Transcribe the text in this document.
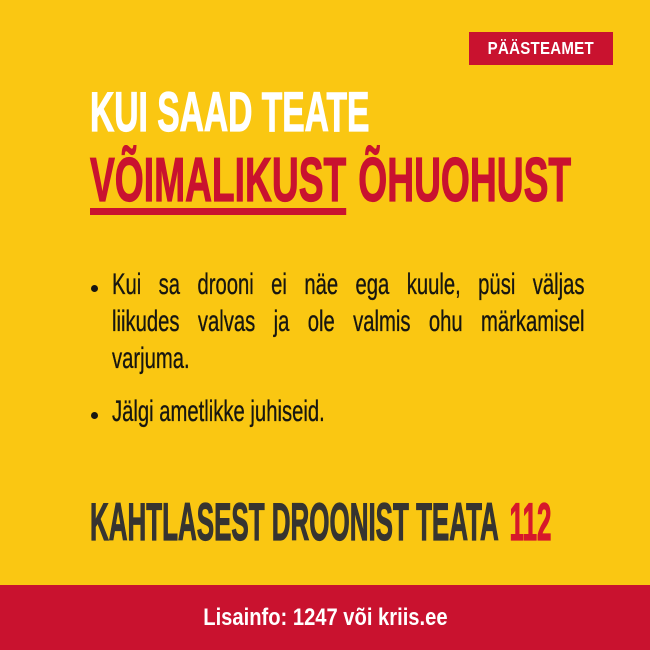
PÄÄSTEAMET
KUI SAAD TEATE
VÕIMALIKUST ÕHUOHUST
Kui sa drooni ei näe ega kuule, püsi väljas
liikudes valvas ja ole valmis ohu märkamisel
varjuma.
Jälgi ametlikke juhiseid.
KAHTLASEST DROONIST TEATA 112
Lisainfo: 1247 või kriis.ee
